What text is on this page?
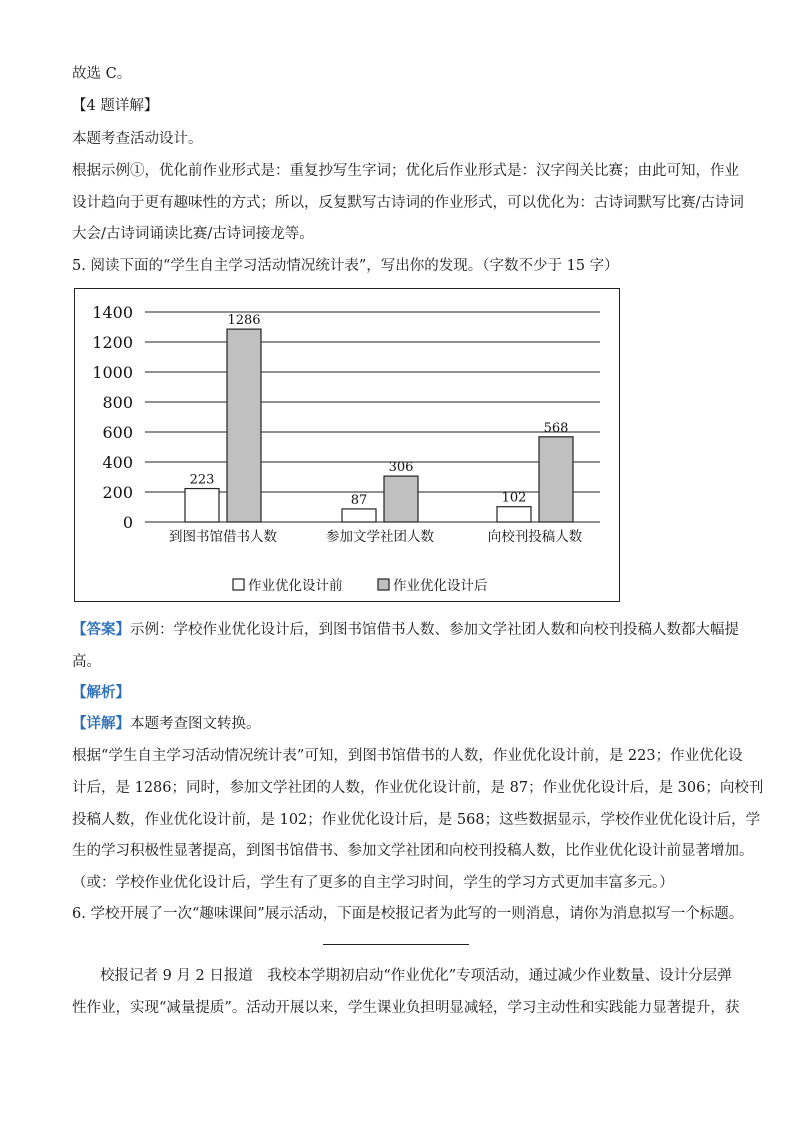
故选 C。
【4 题详解】
本题考查活动设计。
根据示例①，优化前作业形式是：重复抄写生字词；优化后作业形式是：汉字闯关比赛；由此可知，作业
设计趋向于更有趣味性的方式；所以，反复默写古诗词的作业形式，可以优化为：古诗词默写比赛/古诗词
大会/古诗词诵读比赛/古诗词接龙等。
5. 阅读下面的“学生自主学习活动情况统计表”，写出你的发现。（字数不少于 15 字）
0
200
400
600
800
1000
1200
1400
223
1286
87
306
102
568
到图书馆借书人数	参加文学社团人数	向校刊投稿人数
作业优化设计前	作业优化设计后
【答案】示例：学校作业优化设计后，到图书馆借书人数、参加文学社团人数和向校刊投稿人数都大幅提
高。
【解析】
【详解】本题考查图文转换。
根据“学生自主学习活动情况统计表”可知，到图书馆借书的人数，作业优化设计前，是 223；作业优化设
计后，是 1286；同时，参加文学社团的人数，作业优化设计前，是 87；作业优化设计后，是 306；向校刊
投稿人数，作业优化设计前，是 102；作业优化设计后，是 568；这些数据显示，学校作业优化设计后，学
生的学习积极性显著提高，到图书馆借书、参加文学社团和向校刊投稿人数，比作业优化设计前显著增加。
（或：学校作业优化设计后，学生有了更多的自主学习时间，学生的学习方式更加丰富多元。）
6. 学校开展了一次“趣味课间”展示活动，下面是校报记者为此写的一则消息，请你为消息拟写一个标题。
校报记者 9 月 2 日报道　我校本学期初启动“作业优化”专项活动，通过减少作业数量、设计分层弹
性作业，实现“减量提质”。活动开展以来，学生课业负担明显减轻，学习主动性和实践能力显著提升，获
